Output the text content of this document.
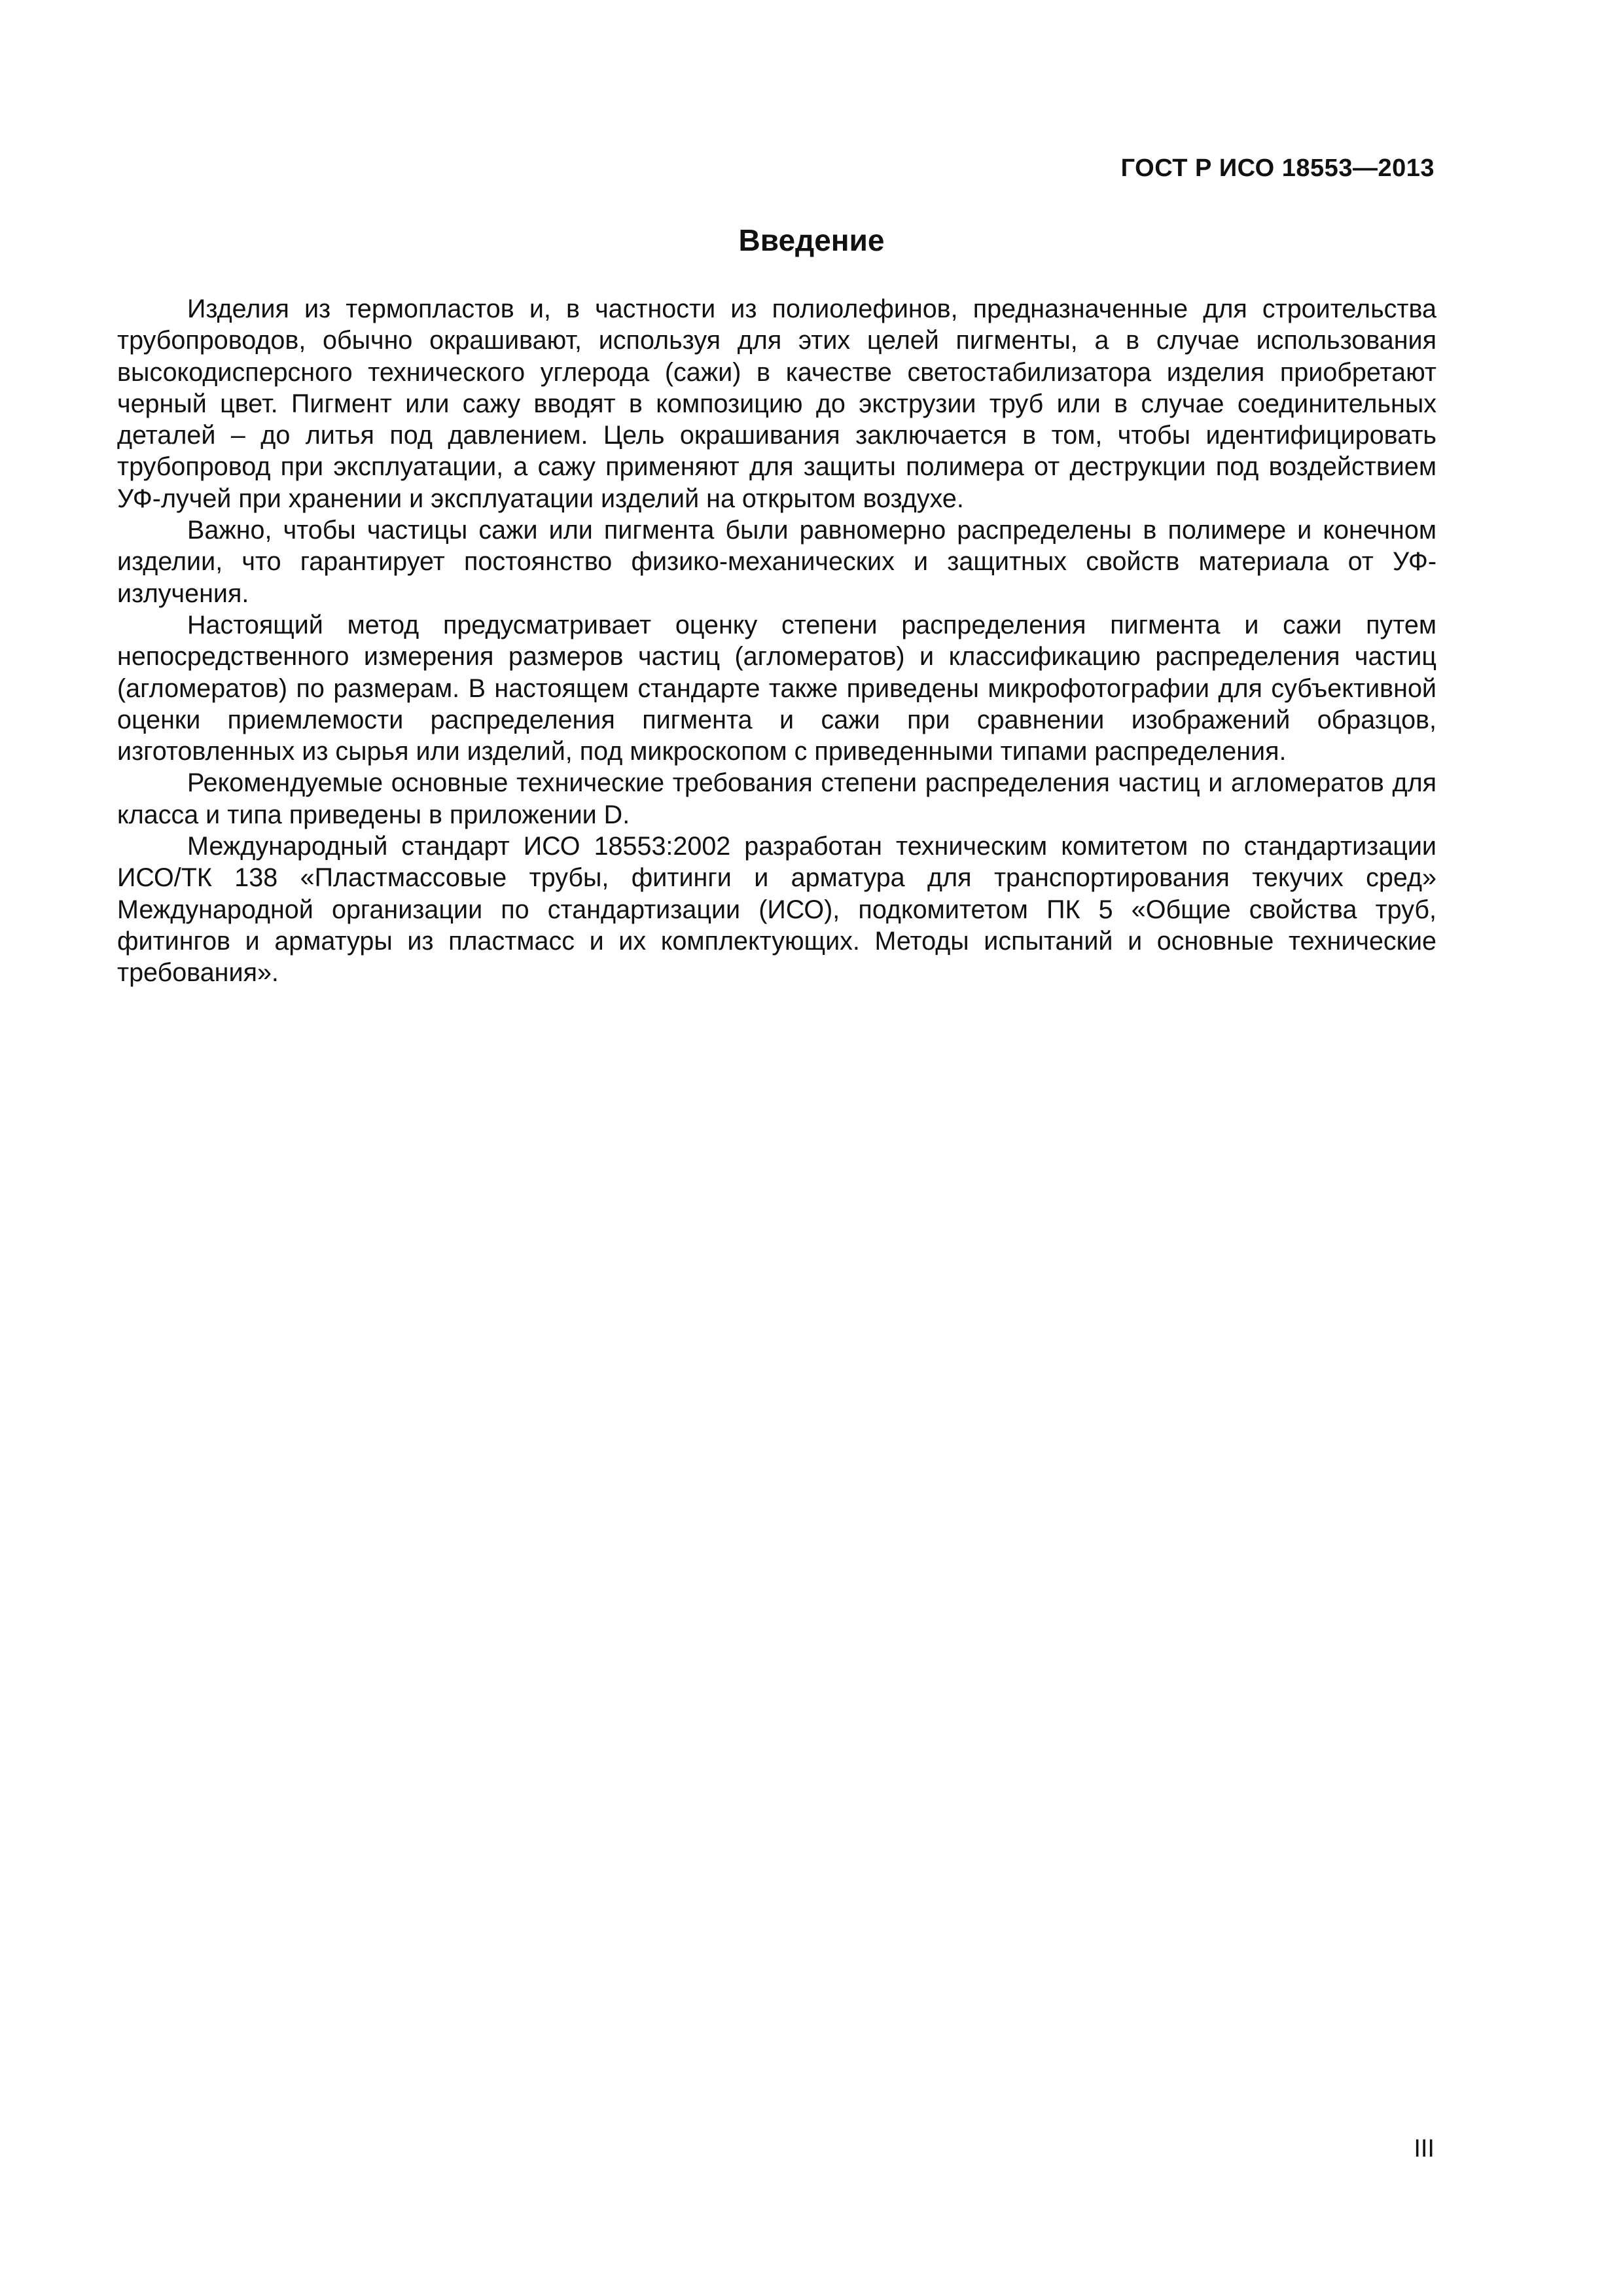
ГОСТ Р ИСО 18553—2013
Введение

Изделия из термопластов и, в частности из полиолефинов, предназначенные для строительства трубопроводов, обычно окрашивают, используя для этих целей пигменты, а в случае использования высокодисперсного технического углерода (сажи) в качестве светостабилизатора изделия приобретают черный цвет. Пигмент или сажу вводят в композицию до экструзии труб или в случае соединительных деталей – до литья под давлением. Цель окрашивания заключается в том, чтобы идентифицировать трубопровод при эксплуатации, а сажу применяют для защиты полимера от деструкции под воздействием УФ-лучей при хранении и эксплуатации изделий на открытом воздухе.

Важно, чтобы частицы сажи или пигмента были равномерно распределены в полимере и конечном изделии, что гарантирует постоянство физико-механических и защитных свойств материала от УФ-излучения.

Настоящий метод предусматривает оценку степени распределения пигмента и сажи путем непосредственного измерения размеров частиц (агломератов) и классификацию распределения частиц (агломератов) по размерам. В настоящем стандарте также приведены микрофотографии для субъективной оценки приемлемости распределения пигмента и сажи при сравнении изображений образцов, изготовленных из сырья или изделий, под микроскопом с приведенными типами распределения.

Рекомендуемые основные технические требования степени распределения частиц и агломератов для класса и типа приведены в приложении D.

Международный стандарт ИСО 18553:2002 разработан техническим комитетом по стандартизации ИСО/ТК 138 «Пластмассовые трубы, фитинги и арматура для транспортирования текучих сред» Международной организации по стандартизации (ИСО), подкомитетом ПК 5 «Общие свойства труб, фитингов и арматуры из пластмасс и их комплектующих. Методы испытаний и основные технические требования».

III
